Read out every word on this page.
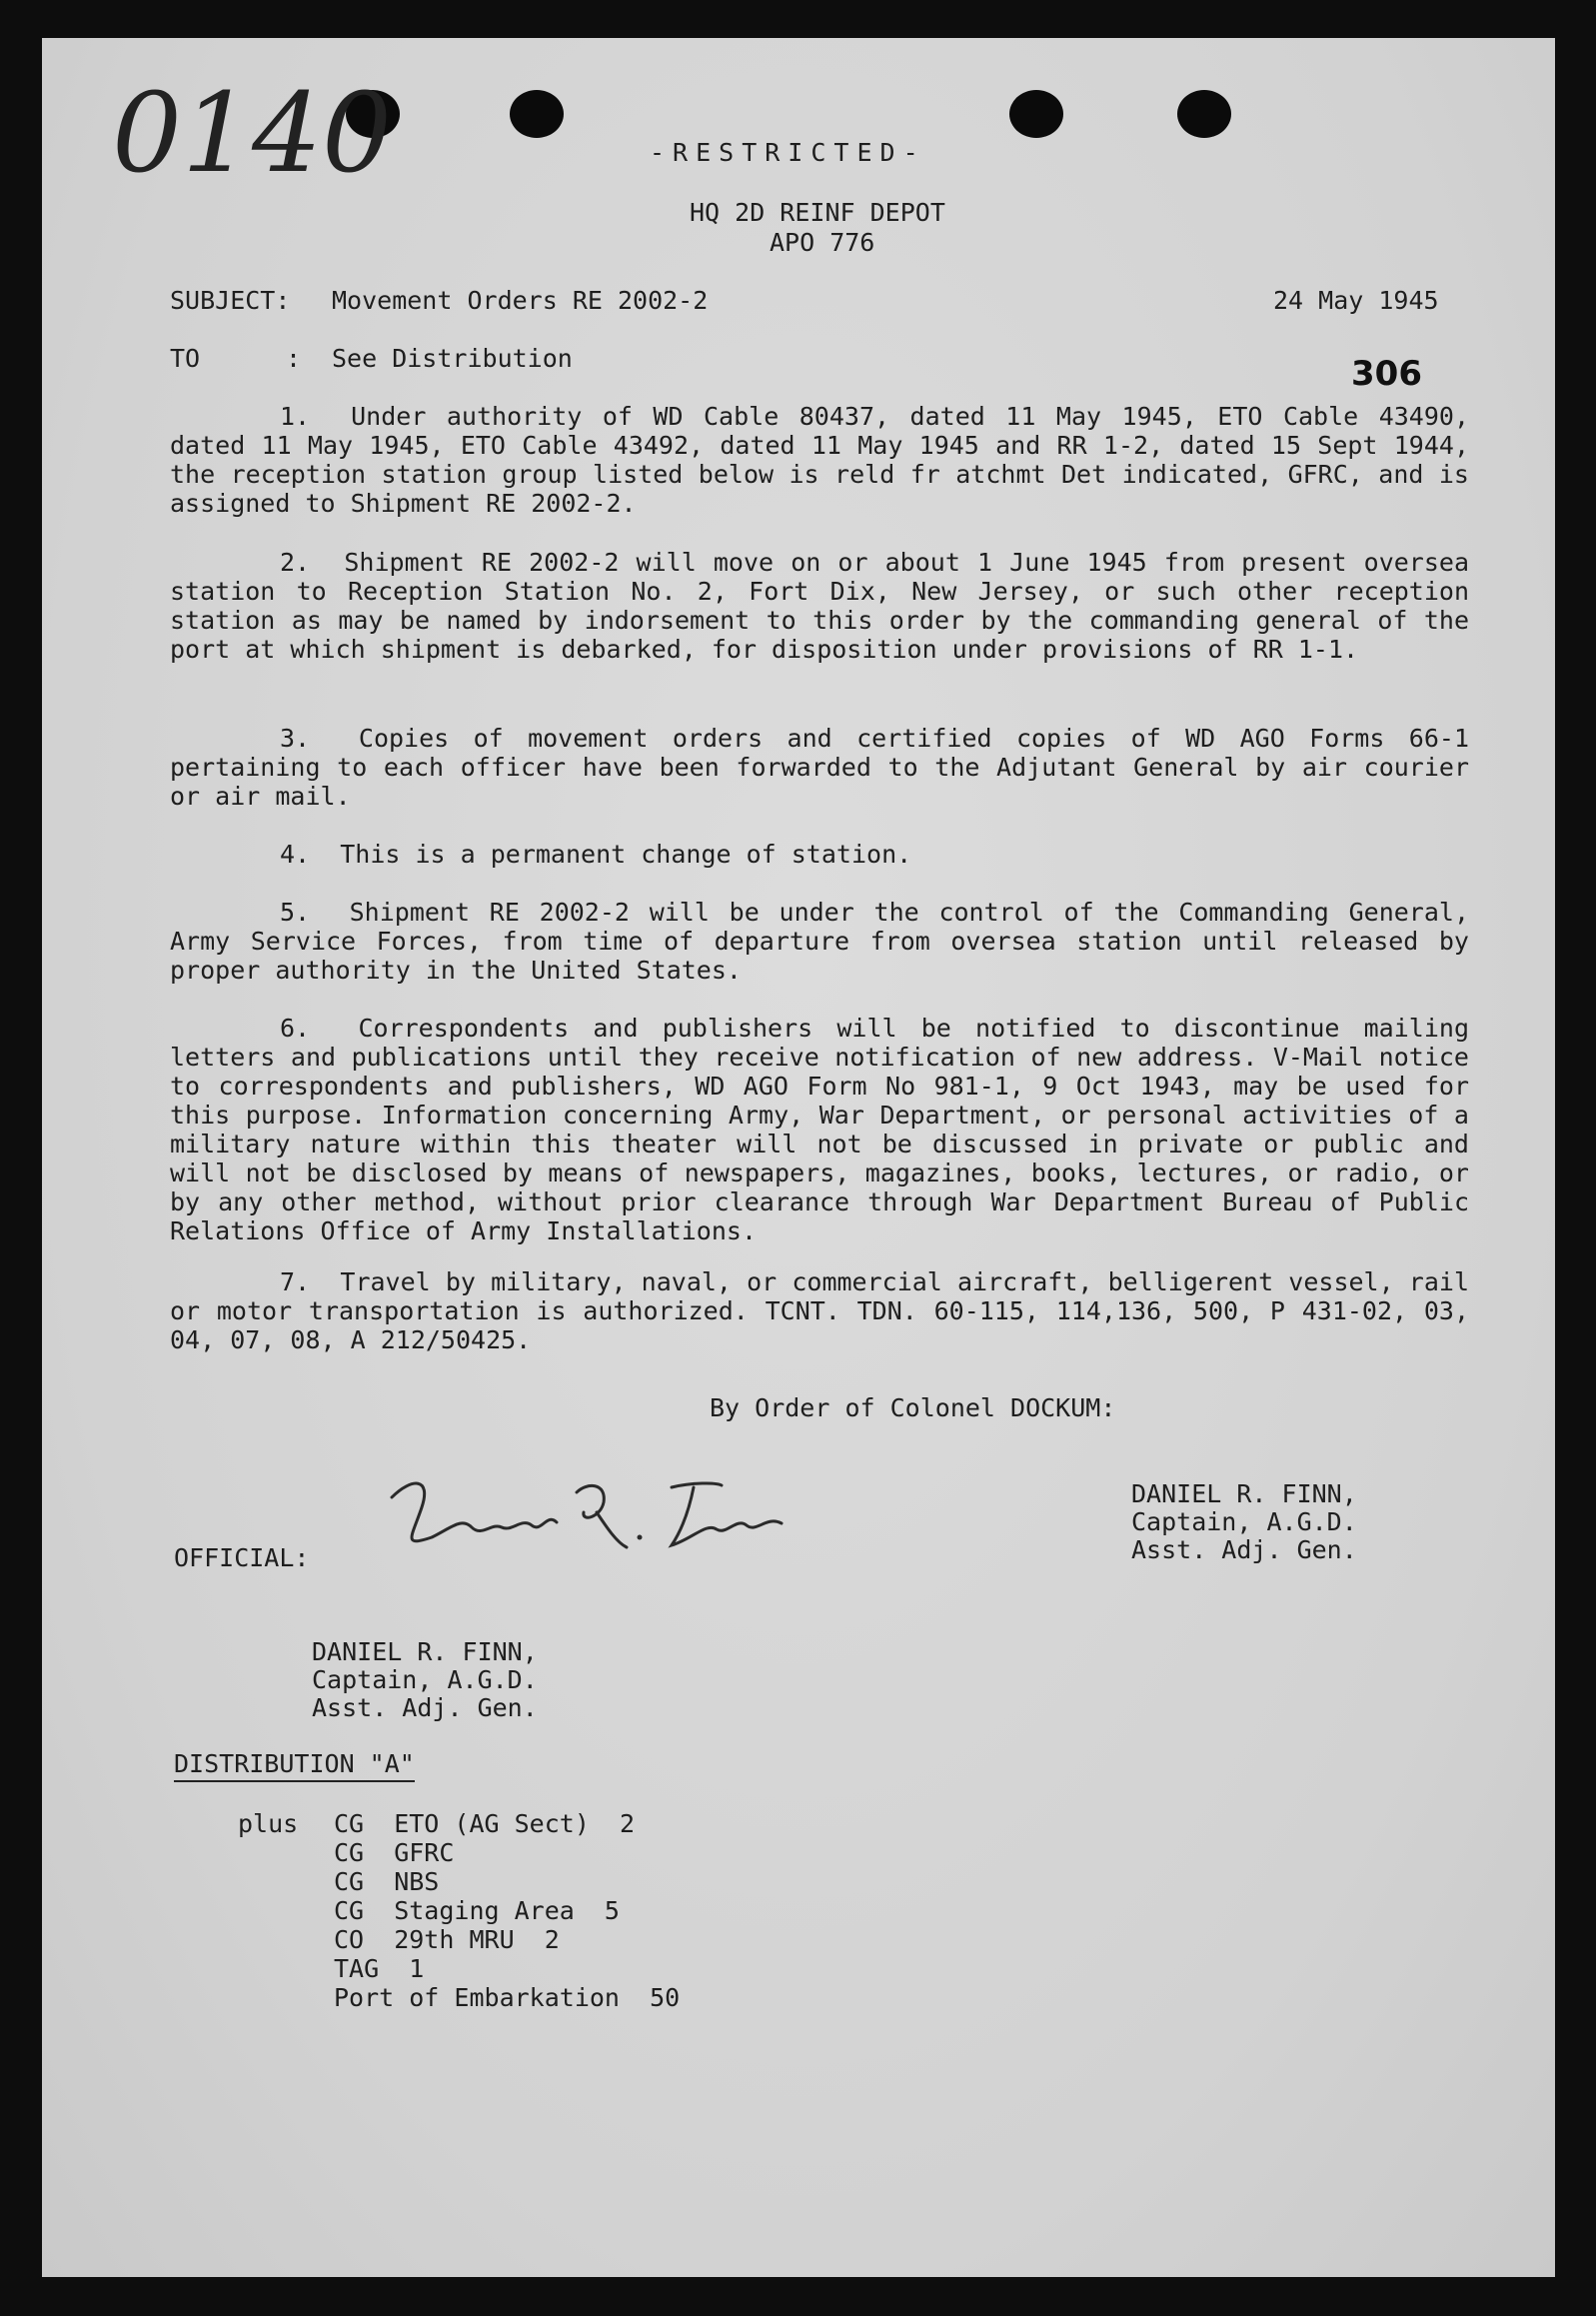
0140	-RESTRICTED-
HQ 2D REINF DEPOT
APO 776
SUBJECT: Movement Orders RE 2002-2	24 May 1945
TO	: See Distribution	306

1. Under authority of WD Cable 80437, dated 11 May 1945, ETO Cable 43490, dated 11 May 1945, ETO Cable 43492, dated 11 May 1945 and RR 1-2, dated 15 Sept 1944, the reception station group listed below is reld fr atchmt Det indicated, GFRC, and is assigned to Shipment RE 2002-2.

2. Shipment RE 2002-2 will move on or about 1 June 1945 from present oversea station to Reception Station No. 2, Fort Dix, New Jersey, or such other reception station as may be named by indorsement to this order by the commanding general of the port at which shipment is debarked, for disposition under provisions of RR 1-1.

3. Copies of movement orders and certified copies of WD AGO Forms 66-1 pertaining to each officer have been forwarded to the Adjutant General by air courier or air mail.

4. This is a permanent change of station.

5. Shipment RE 2002-2 will be under the control of the Commanding General, Army Service Forces, from time of departure from oversea station until released by proper authority in the United States.

6. Correspondents and publishers will be notified to discontinue mailing letters and publications until they receive notification of new address. V-Mail notice to correspondents and publishers, WD AGO Form No 981-1, 9 Oct 1943, may be used for this purpose. Information concerning Army, War Department, or personal activities of a military nature within this theater will not be discussed in private or public and will not be disclosed by means of newspapers, magazines, books, lectures, or radio, or by any other method, without prior clearance through War Department Bureau of Public Relations Office of Army Installations.

7. Travel by military, naval, or commercial aircraft, belligerent vessel, rail or motor transportation is authorized. TCNT. TDN. 60-115, 114,136, 500, P 431-02, 03, 04, 07, 08, A 212/50425.

By Order of Colonel DOCKUM:
DANIEL R. FINN,
Captain, A.G.D.
Asst. Adj. Gen.
OFFICIAL:
DANIEL R. FINN,
Captain, A.G.D.
Asst. Adj. Gen.
DISTRIBUTION "A"
plus CG  ETO (AG Sect)  2
CG  GFRC
CG  NBS
CG  Staging Area  5
CO  29th MRU  2
TAG  1
Port of Embarkation  50
